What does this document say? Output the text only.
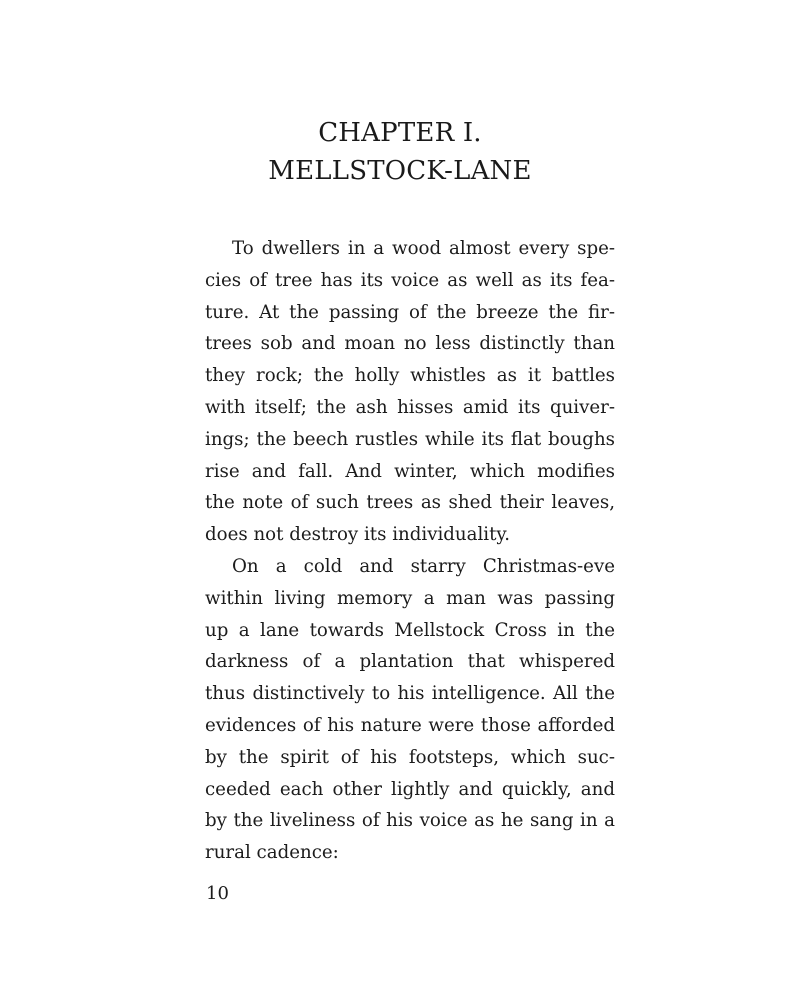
CHAPTER I.
MELLSTOCK-LANE
To dwellers in a wood almost every spe-
cies of tree has its voice as well as its fea-
ture. At the passing of the breeze the fir-
trees sob and moan no less distinctly than
they rock; the holly whistles as it battles
with itself; the ash hisses amid its quiver-
ings; the beech rustles while its flat boughs
rise and fall. And winter, which modifies
the note of such trees as shed their leaves,
does not destroy its individuality.
On a cold and starry Christmas-eve
within living memory a man was passing
up a lane towards Mellstock Cross in the
darkness of a plantation that whispered
thus distinctively to his intelligence. All the
evidences of his nature were those afforded
by the spirit of his footsteps, which suc-
ceeded each other lightly and quickly, and
by the liveliness of his voice as he sang in a
rural cadence:
10
